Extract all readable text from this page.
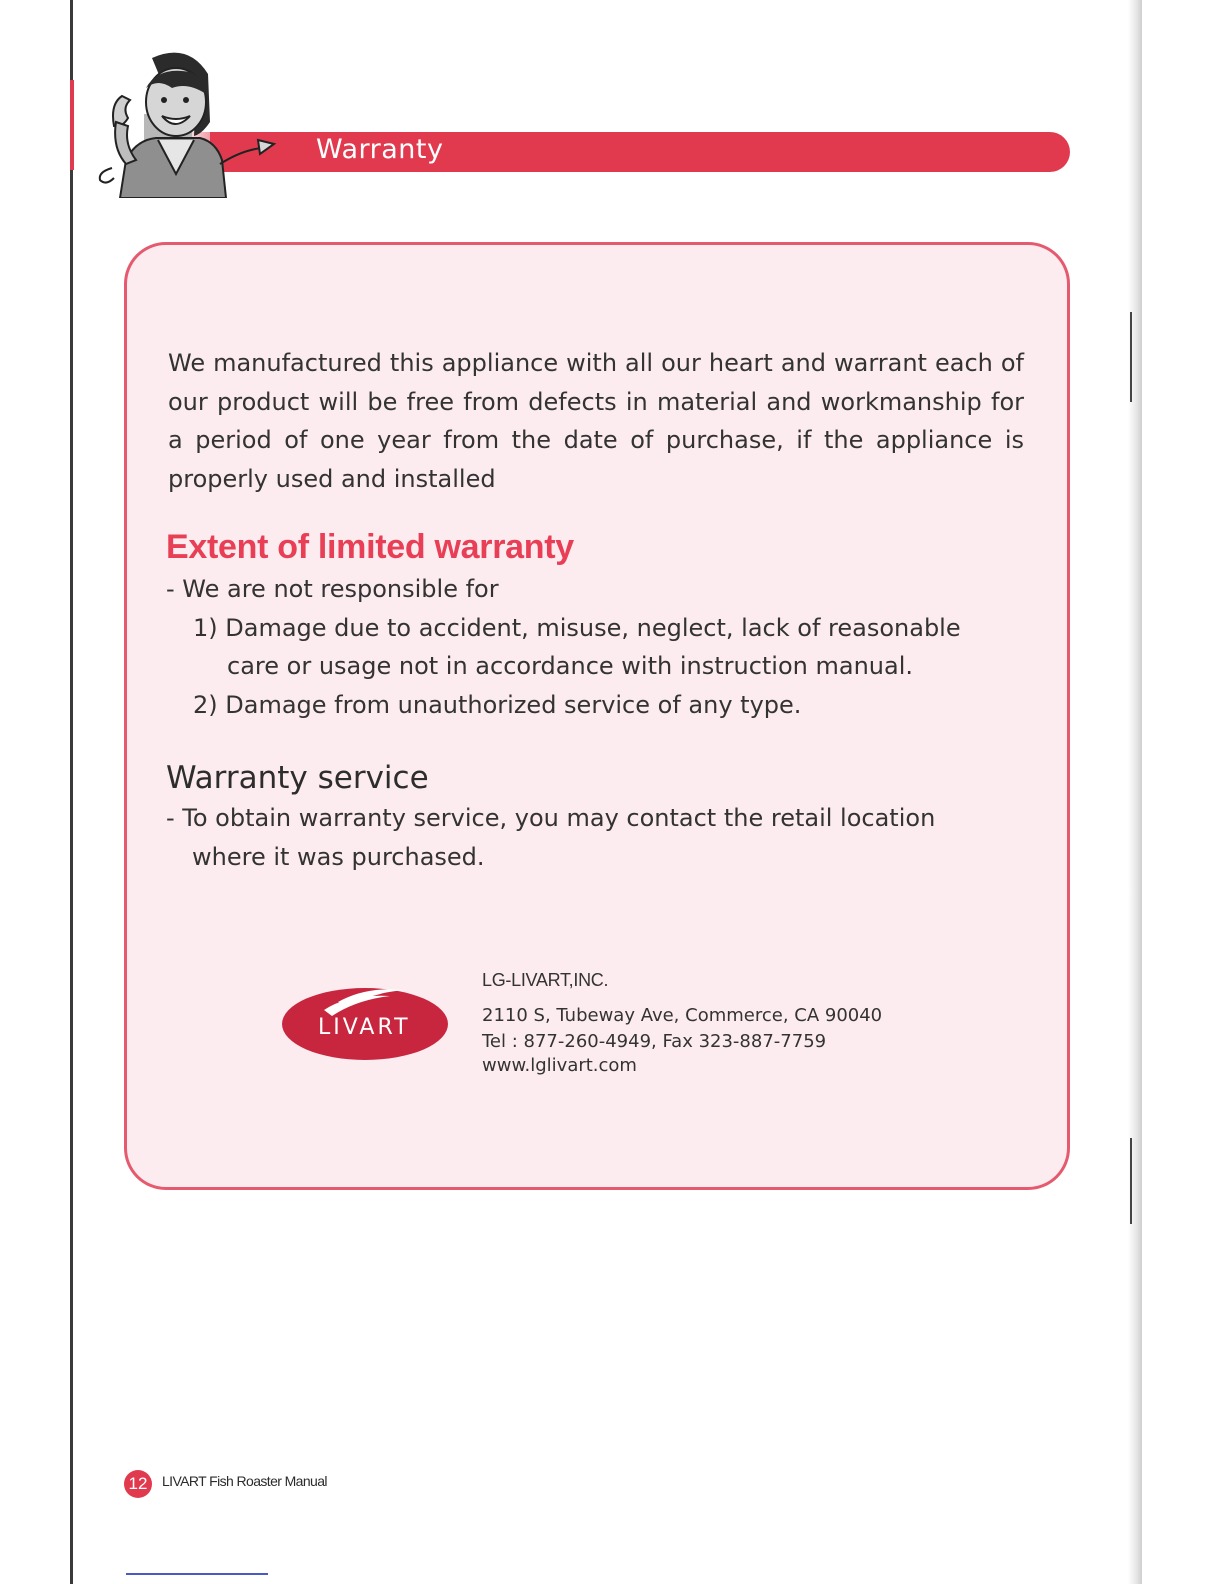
Warranty

We manufactured this appliance with all our heart and warrant each of our product will be free from defects in material and workmanship for a period of one year from the date of purchase, if the appliance is properly used and installed

Extent of limited warranty

- We are not responsible for

1) Damage due to accident, misuse, neglect, lack of reasonable

care or usage not in accordance with instruction manual.

2) Damage from unauthorized service of any type.

Warranty service

- To obtain warranty service, you may contact the retail location

where it was purchased.

LIVART

LG-LIVART,INC.

2110 S, Tubeway Ave, Commerce, CA 90040

Tel : 877-260-4949, Fax 323-887-7759

www.lglivart.com

12	LIVART Fish Roaster Manual
